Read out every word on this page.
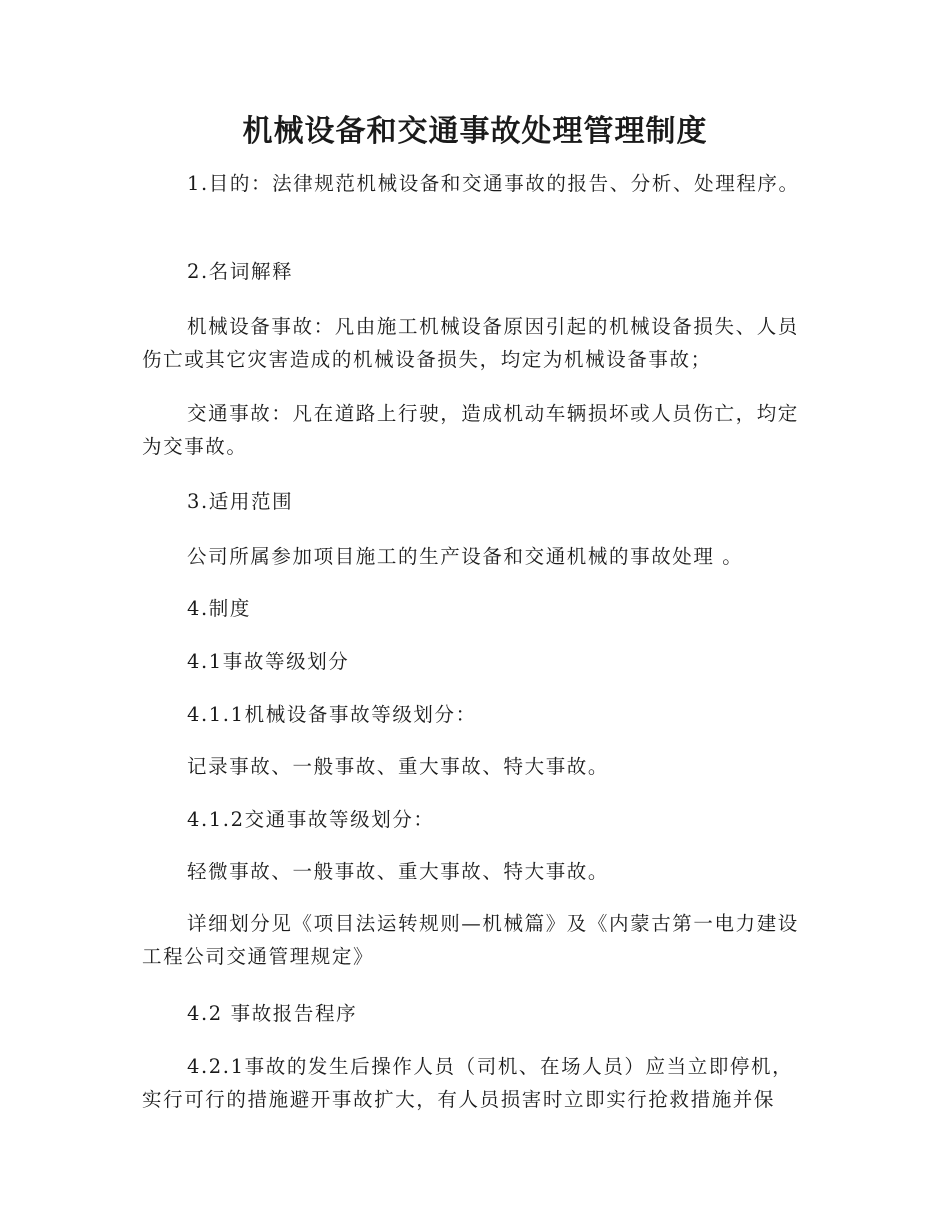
机械设备和交通事故处理管理制度

1.目的：法律规范机械设备和交通事故的报告、分析、处理程序。

2.名词解释

机械设备事故：凡由施工机械设备原因引起的机械设备损失、人员伤亡或其它灾害造成的机械设备损失，均定为机械设备事故；

交通事故：凡在道路上行驶，造成机动车辆损坏或人员伤亡，均定为交事故。

3.适用范围

公司所属参加项目施工的生产设备和交通机械的事故处理 。

4.制度

4.1事故等级划分

4.1.1机械设备事故等级划分：

记录事故、一般事故、重大事故、特大事故。

4.1.2交通事故等级划分：

轻微事故、一般事故、重大事故、特大事故。

详细划分见《项目法运转规则—机械篇》及《内蒙古第一电力建设工程公司交通管理规定》

4.2 事故报告程序

4.2.1事故的发生后操作人员（司机、在场人员）应当立即停机，实行可行的措施避开事故扩大，有人员损害时立即实行抢救措施并保
